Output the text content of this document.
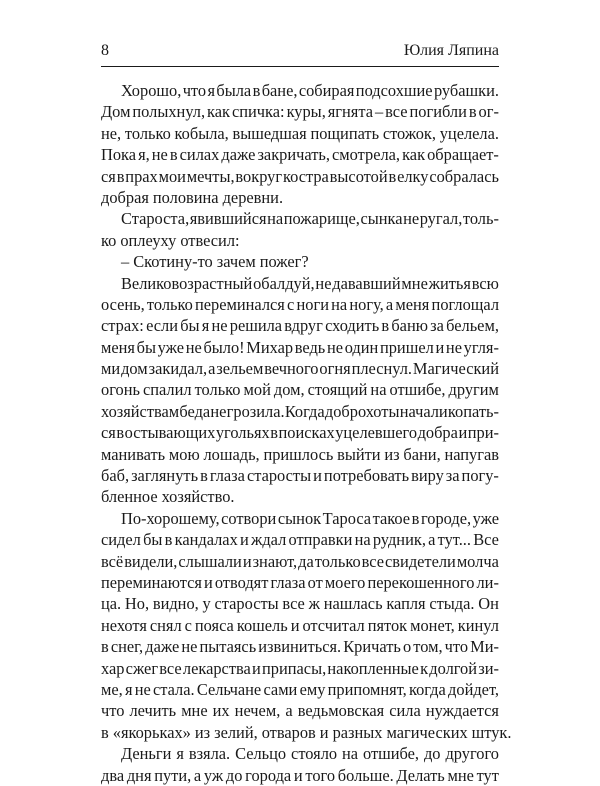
8	Юлия Ляпина
Хорошо, что я была в бане, собирая подсохшие рубашки.
Дом полыхнул, как спичка: куры, ягнята – все погибли в ог-
не, только кобыла, вышедшая пощипать стожок, уцелела.
Пока я, не в силах даже закричать, смотрела, как обращает-
ся в прах мои мечты, вокруг костра высотой в елку собралась
добрая половина деревни.
Староста, явившийся на пожарище, сынка не ругал, толь-
ко оплеуху отвесил:
– Скотину-то зачем пожег?
Великовозрастный обалдуй, не дававший мне житья всю
осень, только переминался с ноги на ногу, а меня поглощал
страх: если бы я не решила вдруг сходить в баню за бельем,
меня бы уже не было! Михар ведь не один пришел и не угля-
ми дом закидал, а зельем вечного огня плеснул. Магический
огонь спалил только мой дом, стоящий на отшибе, другим
хозяйствам беда не грозила. Когда доброхоты начали копать-
ся в остывающих угольях в поисках уцелевшего добра и при-
манивать мою лошадь, пришлось выйти из бани, напугав
баб, заглянуть в глаза старосты и потребовать виру за погу-
бленное хозяйство.
По-хорошему, сотвори сынок Тароса такое в городе, уже
сидел бы в кандалах и ждал отправки на рудник, а тут... Все
всё видели, слышали и знают, да только все свидетели молча
переминаются и отводят глаза от моего перекошенного ли-
ца. Но, видно, у старосты все ж нашлась капля стыда. Он
нехотя снял с пояса кошель и отсчитал пяток монет, кинул
в снег, даже не пытаясь извиниться. Кричать о том, что Ми-
хар сжег все лекарства и припасы, накопленные к долгой зи-
ме, я не стала. Сельчане сами ему припомнят, когда дойдет,
что лечить мне их нечем, а ведьмовская сила нуждается
в «якорьках» из зелий, отваров и разных магических штук.
Деньги я взяла. Сельцо стояло на отшибе, до другого
два дня пути, а уж до города и того больше. Делать мне тут
